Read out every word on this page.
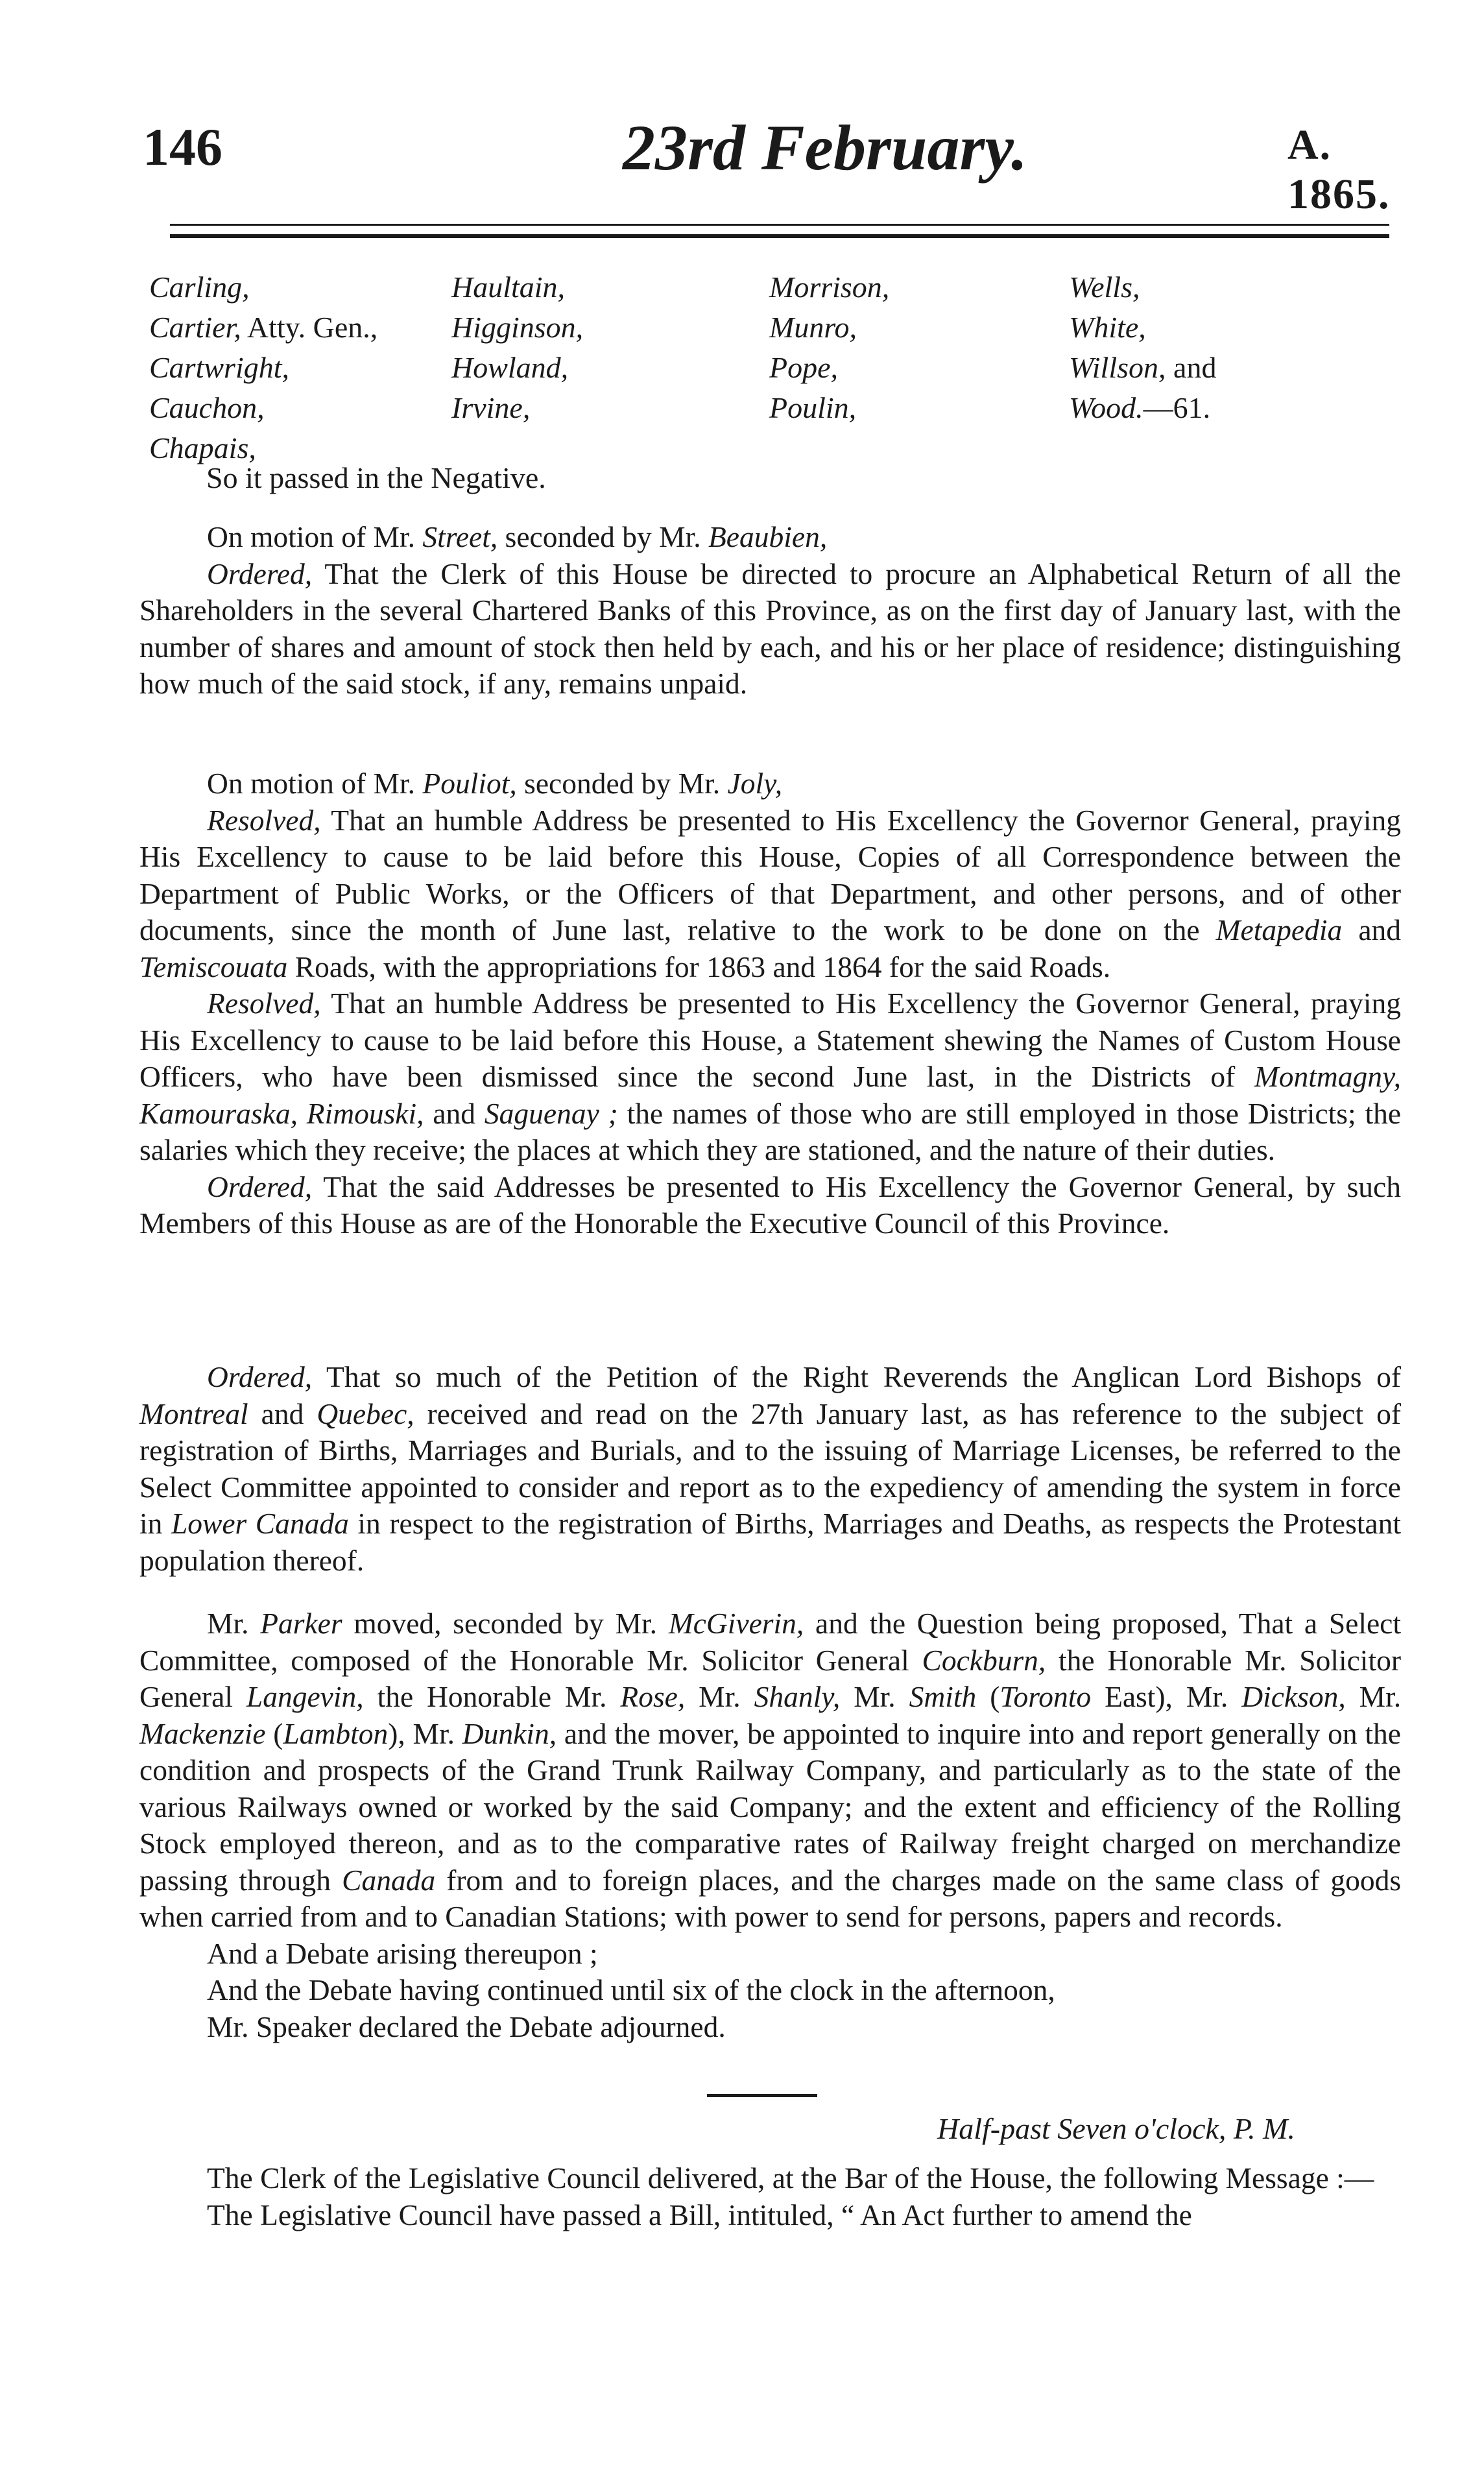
146	23rd February.	A. 1865.
Carling,
Cartier, Atty. Gen.,
Cartwright,
Cauchon,
Haultain,
Higginson,
Howland,
Irvine,
Morrison,
Munro,
Pope,
Poulin,
Wells,
White,
Willson, and
Wood.—61.
Chapais,
So it passed in the Negative.

On motion of Mr. Street, seconded by Mr. Beaubien,

Ordered, That the Clerk of this House be directed to procure an Alphabetical Return of all the Shareholders in the several Chartered Banks of this Province, as on the first day of January last, with the number of shares and amount of stock then held by each, and his or her place of residence; distinguishing how much of the said stock, if any, remains unpaid.

On motion of Mr. Pouliot, seconded by Mr. Joly,

Resolved, That an humble Address be presented to His Excellency the Governor General, praying His Excellency to cause to be laid before this House, Copies of all Correspondence between the Department of Public Works, or the Officers of that Department, and other persons, and of other documents, since the month of June last, relative to the work to be done on the Metapedia and Temiscouata Roads, with the appropriations for 1863 and 1864 for the said Roads.

Resolved, That an humble Address be presented to His Excellency the Governor General, praying His Excellency to cause to be laid before this House, a Statement shewing the Names of Custom House Officers, who have been dismissed since the second June last, in the Districts of Montmagny, Kamouraska, Rimouski, and Saguenay ; the names of those who are still employed in those Districts; the salaries which they receive; the places at which they are stationed, and the nature of their duties.

Ordered, That the said Addresses be presented to His Excellency the Governor General, by such Members of this House as are of the Honorable the Executive Council of this Province.

Ordered, That so much of the Petition of the Right Reverends the Anglican Lord Bishops of Montreal and Quebec, received and read on the 27th January last, as has reference to the subject of registration of Births, Marriages and Burials, and to the issuing of Marriage Licenses, be referred to the Select Committee appointed to consider and report as to the expediency of amending the system in force in Lower Canada in respect to the registration of Births, Marriages and Deaths, as respects the Protestant population thereof.

Mr. Parker moved, seconded by Mr. McGiverin, and the Question being proposed, That a Select Committee, composed of the Honorable Mr. Solicitor General Cockburn, the Honorable Mr. Solicitor General Langevin, the Honorable Mr. Rose, Mr. Shanly, Mr. Smith (Toronto East), Mr. Dickson, Mr. Mackenzie (Lambton), Mr. Dunkin, and the mover, be appointed to inquire into and report generally on the condition and prospects of the Grand Trunk Railway Company, and particularly as to the state of the various Railways owned or worked by the said Company; and the extent and efficiency of the Rolling Stock employed thereon, and as to the comparative rates of Railway freight charged on merchandize passing through Canada from and to foreign places, and the charges made on the same class of goods when carried from and to Canadian Stations; with power to send for persons, papers and records.

And a Debate arising thereupon ;

And the Debate having continued until six of the clock in the afternoon,

Mr. Speaker declared the Debate adjourned.

Half-past Seven o'clock, P. M.

The Clerk of the Legislative Council delivered, at the Bar of the House, the following Message :—

The Legislative Council have passed a Bill, intituled, “ An Act further to amend the
